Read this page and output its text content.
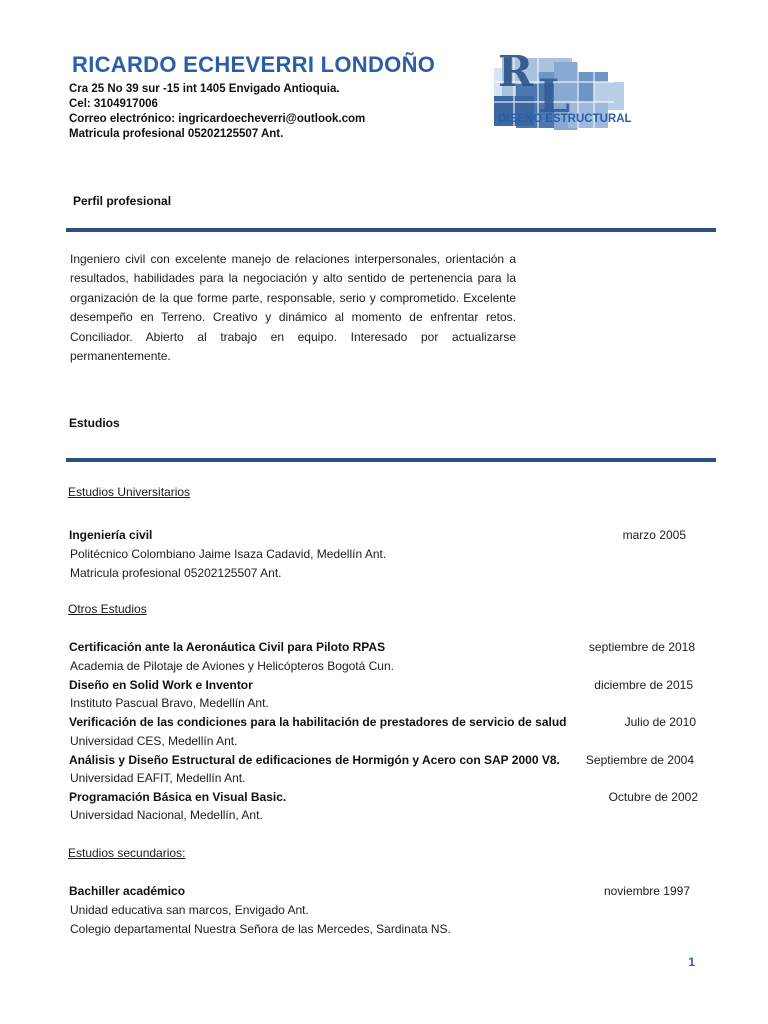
RICARDO ECHEVERRI LONDOÑO
Cra 25 No 39 sur -15 int 1405 Envigado Antioquia.
Cel: 3104917006
Correo electrónico: ingricardoecheverri@outlook.com
Matricula profesional 05202125507 Ant.
R L
DISEÑO ESTRUCTURAL
Perfil profesional
Ingeniero civil con excelente manejo de relaciones interpersonales, orientación a resultados, habilidades para la negociación y alto sentido de pertenencia para la organización de la que forme parte, responsable, serio y comprometido. Excelente desempeño en Terreno. Creativo y dinámico al momento de enfrentar retos. Conciliador. Abierto al trabajo en equipo. Interesado por actualizarse permanentemente.
Estudios
Estudios Universitarios
Ingeniería civil	marzo 2005
Politécnico Colombiano Jaime Isaza Cadavid, Medellín Ant.
Matricula profesional 05202125507 Ant.
Otros Estudios
Certificación ante la Aeronáutica Civil para Piloto RPAS	septiembre de 2018
Academia de Pilotaje de Aviones y Helicópteros Bogotá Cun.
Diseño en Solid Work e Inventor	diciembre de 2015
Instituto Pascual Bravo, Medellín Ant.
Verificación de las condiciones para la habilitación de prestadores de servicio de salud	Julio de 2010
Universidad CES, Medellín Ant.
Análisis y Diseño Estructural de edificaciones de Hormigón y Acero con SAP 2000 V8. Septiembre de 2004
Universidad EAFIT, Medellín Ant.
Programación Básica en Visual Basic.	Octubre de 2002
Universidad Nacional, Medellín, Ant.
Estudios secundarios:
Bachiller académico	noviembre 1997
Unidad educativa san marcos, Envigado Ant.
Colegio departamental Nuestra Señora de las Mercedes, Sardinata NS.
1
